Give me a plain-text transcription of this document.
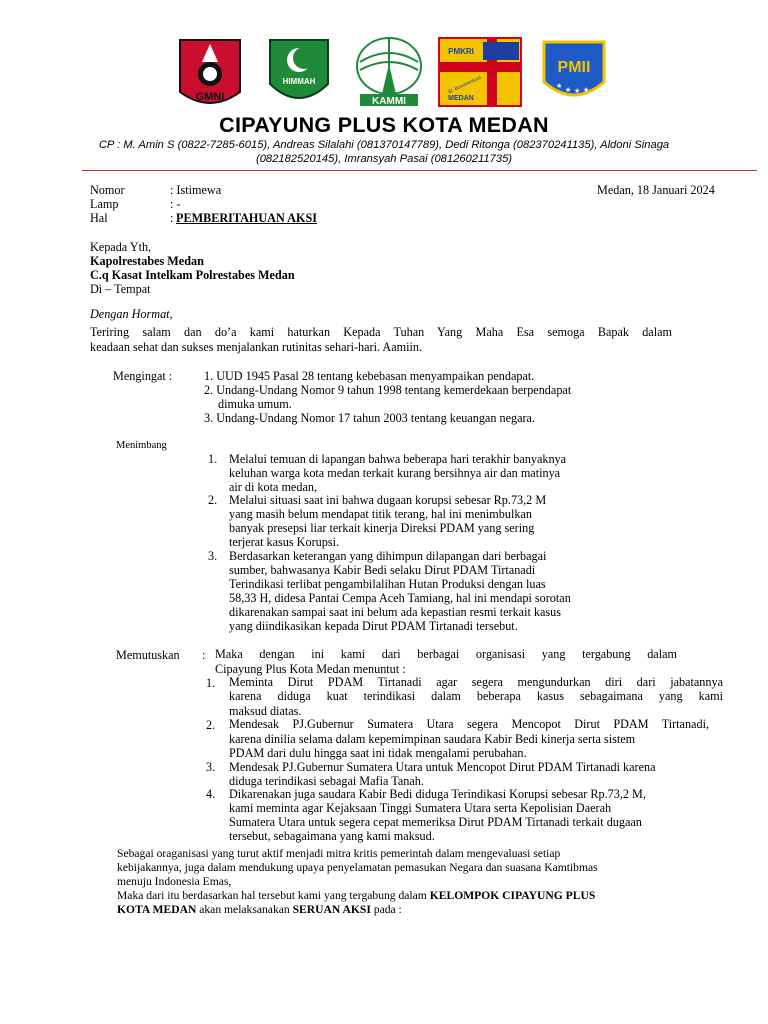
GMNI
HIMMAH
KAMMI
PMKRI
St. Bonaventura
MEDAN
PMII
★ ★ ★ ★
CIPAYUNG PLUS KOTA MEDAN
CP : M. Amin S (0822-7285-6015), Andreas Silalahi (081370147789), Dedi Ritonga (082370241135), Aldoni Sinaga
(082182520145), Imransyah Pasai (081260211735)
Nomor	: Istimewa
Lamp	: -
Hal	: PEMBERITAHUAN AKSI
Medan, 18 Januari 2024
Kepada Yth,
Kapolrestabes Medan
C.q Kasat Intelkam Polrestabes Medan
Di – Tempat
Dengan Hormat,
Teriring salam dan do’a kami haturkan Kepada Tuhan Yang Maha Esa semoga Bapak dalam
keadaan sehat dan sukses menjalankan rutinitas sehari-hari. Aamiin.
Mengingat :	1. UUD 1945 Pasal 28 tentang kebebasan menyampaikan pendapat.
2. Undang-Undang Nomor 9 tahun 1998 tentang kemerdekaan berpendapat
dimuka umum.
3. Undang-Undang Nomor 17 tahun 2003 tentang keuangan negara.
Menimbang
1. Melalui temuan di lapangan bahwa beberapa hari terakhir banyaknya
keluhan warga kota medan terkait kurang bersihnya air dan matinya
air di kota medan,
2. Melalui situasi saat ini bahwa dugaan korupsi sebesar Rp.73,2 M
yang masih belum mendapat titik terang, hal ini menimbulkan
banyak presepsi liar terkait kinerja Direksi PDAM yang sering
terjerat kasus Korupsi.
3. Berdasarkan keterangan yang dihimpun dilapangan dari berbagai
sumber, bahwasanya Kabir Bedi selaku Dirut PDAM Tirtanadi
Terindikasi terlibat pengambilalihan Hutan Produksi dengan luas
58,33 H, didesa Pantai Cempa Aceh Tamiang, hal ini mendapi sorotan
dikarenakan sampai saat ini belum ada kepastian resmi terkait kasus
yang diindikasikan kepada Dirut PDAM Tirtanadi tersebut.
Memutuskan : Maka dengan ini kami dari berbagai organisasi yang tergabung dalam
Cipayung Plus Kota Medan menuntut :
1. Meminta Dirut PDAM Tirtanadi agar segera mengundurkan diri dari jabatannya
karena diduga kuat terindikasi dalam beberapa kasus sebagaimana yang kami
maksud diatas.
2. Mendesak PJ.Gubernur Sumatera Utara segera Mencopot Dirut PDAM Tirtanadi,
karena dinilia selama dalam kepemimpinan saudara Kabir Bedi kinerja serta sistem
PDAM dari dulu hingga saat ini tidak mengalami perubahan.
3. Mendesak PJ.Gubernur Sumatera Utara untuk Mencopot Dirut PDAM Tirtanadi karena
diduga terindikasi sebagai Mafia Tanah.
4. Dikarenakan juga saudara Kabir Bedi diduga Terindikasi Korupsi sebesar Rp.73,2 M,
kami meminta agar Kejaksaan Tinggi Sumatera Utara serta Kepolisian Daerah
Sumatera Utara untuk segera cepat memeriksa Dirut PDAM Tirtanadi terkait dugaan
tersebut, sebagaimana yang kami maksud.
Sebagai oraganisasi yang turut aktif menjadi mitra kritis pemerintah dalam mengevaluasi setiap
kebijakannya, juga dalam mendukung upaya penyelamatan pemasukan Negara dan suasana Kamtibmas
menuju Indonesia Emas,
Maka dari itu berdasarkan hal tersebut kami yang tergabung dalam KELOMPOK CIPAYUNG PLUS
KOTA MEDAN akan melaksanakan SERUAN AKSI pada :
